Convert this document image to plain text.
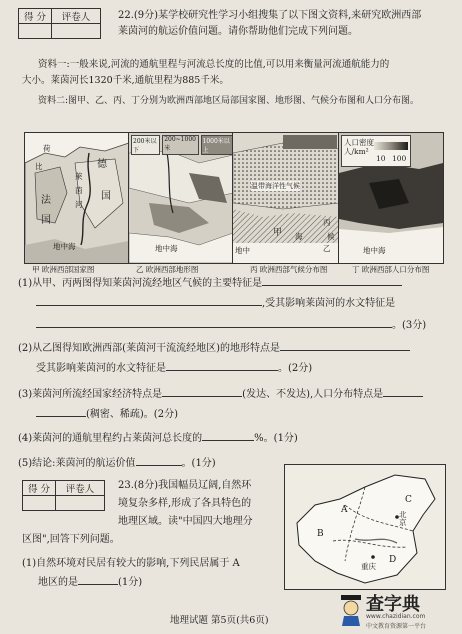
得 分	评卷人
		22.(9分)某学校研究性学习小组搜集了以下图文资料,来研究欧洲西部
莱茵河的航运价值问题。请你帮助他们完成下列问题。
资料一:一般来说,河流的通航里程与河流总长度的比值,可以用来衡量河流通航能力的
大小。莱茵河长1320千米,通航里程为885千米。
资料二:图甲、乙、丙、丁分别为欧洲西部地区局部国家图、地形图、气候分布图和人口分布图。
荷
比	德
国
莱
茵
河
法
国
地中海
甲 欧洲西部国家图
200米以下
200~1000米
1000米以上
地中海
乙 欧洲西部地形图
温带海洋性气候
甲 海
丙
乙
地中
候
丙 欧洲西部气候分布图
人口密度
人/km²
10 100
地中海
丁 欧洲西部人口分布图
(1)从甲、丙两图得知莱茵河流经地区气候的主要特征是
,受其影响莱茵河的水文特征是
。(3分)
(2)从乙图得知欧洲西部(莱茵河干流流经地区)的地形特点是
受其影响莱茵河的水文特征是	。(2分)
(3)莱茵河所流经国家经济特点是	(发达、不发达),人口分布特点是
(稠密、稀疏)。(2分)
(4)莱茵河的通航里程约占莱茵河总长度的	%。(1分)
(5)结论:莱茵河的航运价值	。(1分)
得 分	评卷人
	23.(8分)我国幅员辽阔,自然环
境复杂多样,形成了各具特色的
地理区域。读"中国四大地理分
区图",回答下列问题。
(1)自然环境对民居有较大的影响,下列民居属于 A
地区的是	(1分)
A
B
C
D
北
京
重庆
地理试题 第5页(共6页)
查字典
www.chazidian.com
中文教育资源第一平台
